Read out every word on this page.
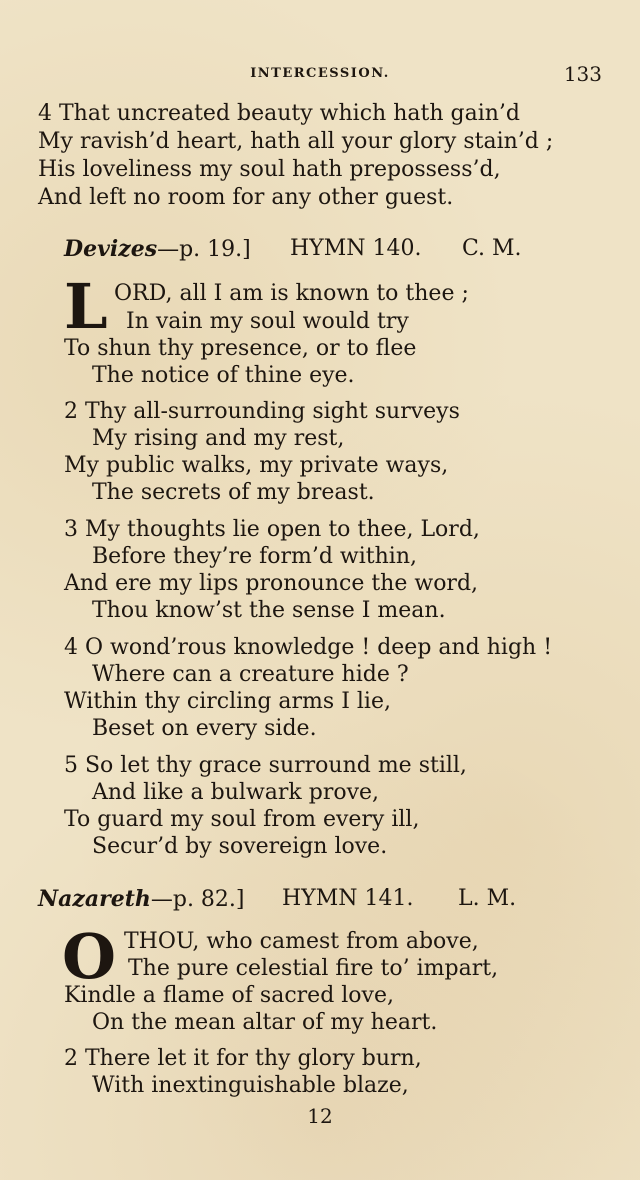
INTERCESSION.	133
4 That uncreated beauty which hath gain’d
My ravish’d heart, hath all your glory stain’d ;
His loveliness my soul hath prepossess’d,
And left no room for any other guest.
Devizes—p. 19.] HYMN 140. C. M.
L ORD, all I am is known to thee ;
In vain my soul would try
To shun thy presence, or to flee
The notice of thine eye.
2 Thy all-surrounding sight surveys
My rising and my rest,
My public walks, my private ways,
The secrets of my breast.
3 My thoughts lie open to thee, Lord,
Before they’re form’d within,
And ere my lips pronounce the word,
Thou know’st the sense I mean.
4 O wond’rous knowledge ! deep and high !
Where can a creature hide ?
Within thy circling arms I lie,
Beset on every side.
5 So let thy grace surround me still,
And like a bulwark prove,
To guard my soul from every ill,
Secur’d by sovereign love.
Nazareth—p. 82.] HYMN 141. L. M.
O THOU, who camest from above,
The pure celestial fire to’ impart,
Kindle a flame of sacred love,
On the mean altar of my heart.
2 There let it for thy glory burn,
With inextinguishable blaze,
12
